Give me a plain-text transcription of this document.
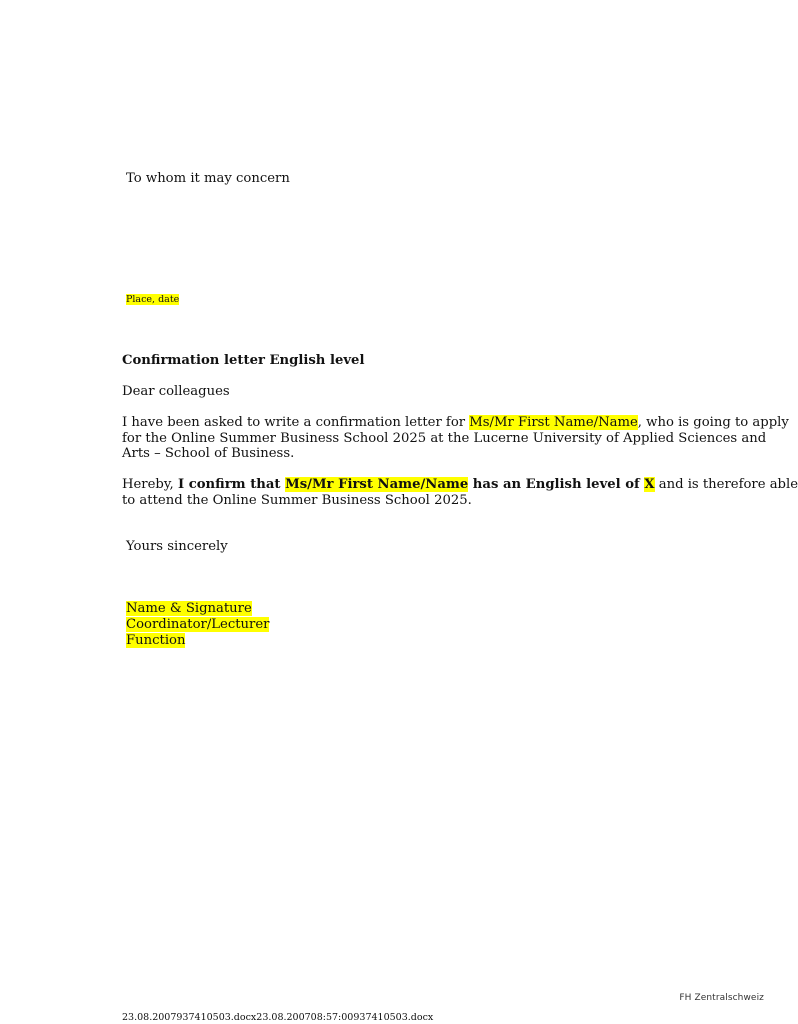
To whom it may concern
Place, date
Confirmation letter English level
Dear colleagues
I have been asked to write a confirmation letter for Ms/Mr First Name/Name, who is going to apply
for the Online Summer Business School 2025 at the Lucerne University of Applied Sciences and
Arts – School of Business.
Hereby, I confirm that Ms/Mr First Name/Name has an English level of X and is therefore able
to attend the Online Summer Business School 2025.
Yours sincerely
Name & Signature
Coordinator/Lecturer
Function
FH Zentralschweiz
23.08.2007937410503.docx23.08.200708:57:00937410503.docx
